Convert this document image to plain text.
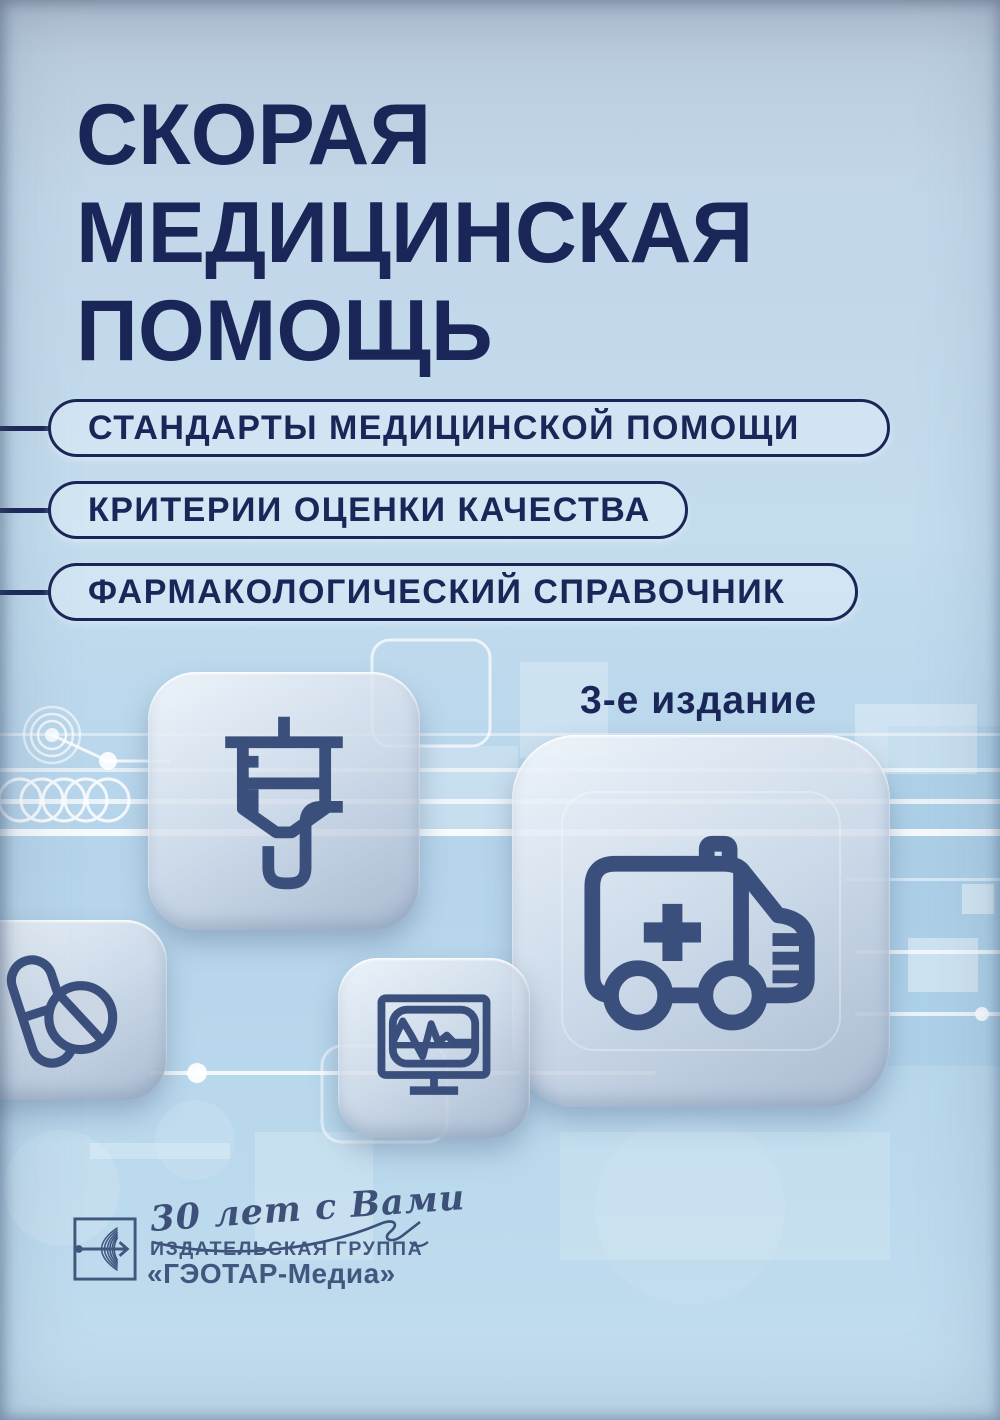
СКОРАЯ
МЕДИЦИНСКАЯ
ПОМОЩЬ
СТАНДАРТЫ МЕДИЦИНСКОЙ ПОМОЩИ
КРИТЕРИИ ОЦЕНКИ КАЧЕСТВА
ФАРМАКОЛОГИЧЕСКИЙ СПРАВОЧНИК
3-е издание
30 лет с Вами
ИЗДАТЕЛЬСКАЯ ГРУППА
«ГЭОТАР-Медиа»
